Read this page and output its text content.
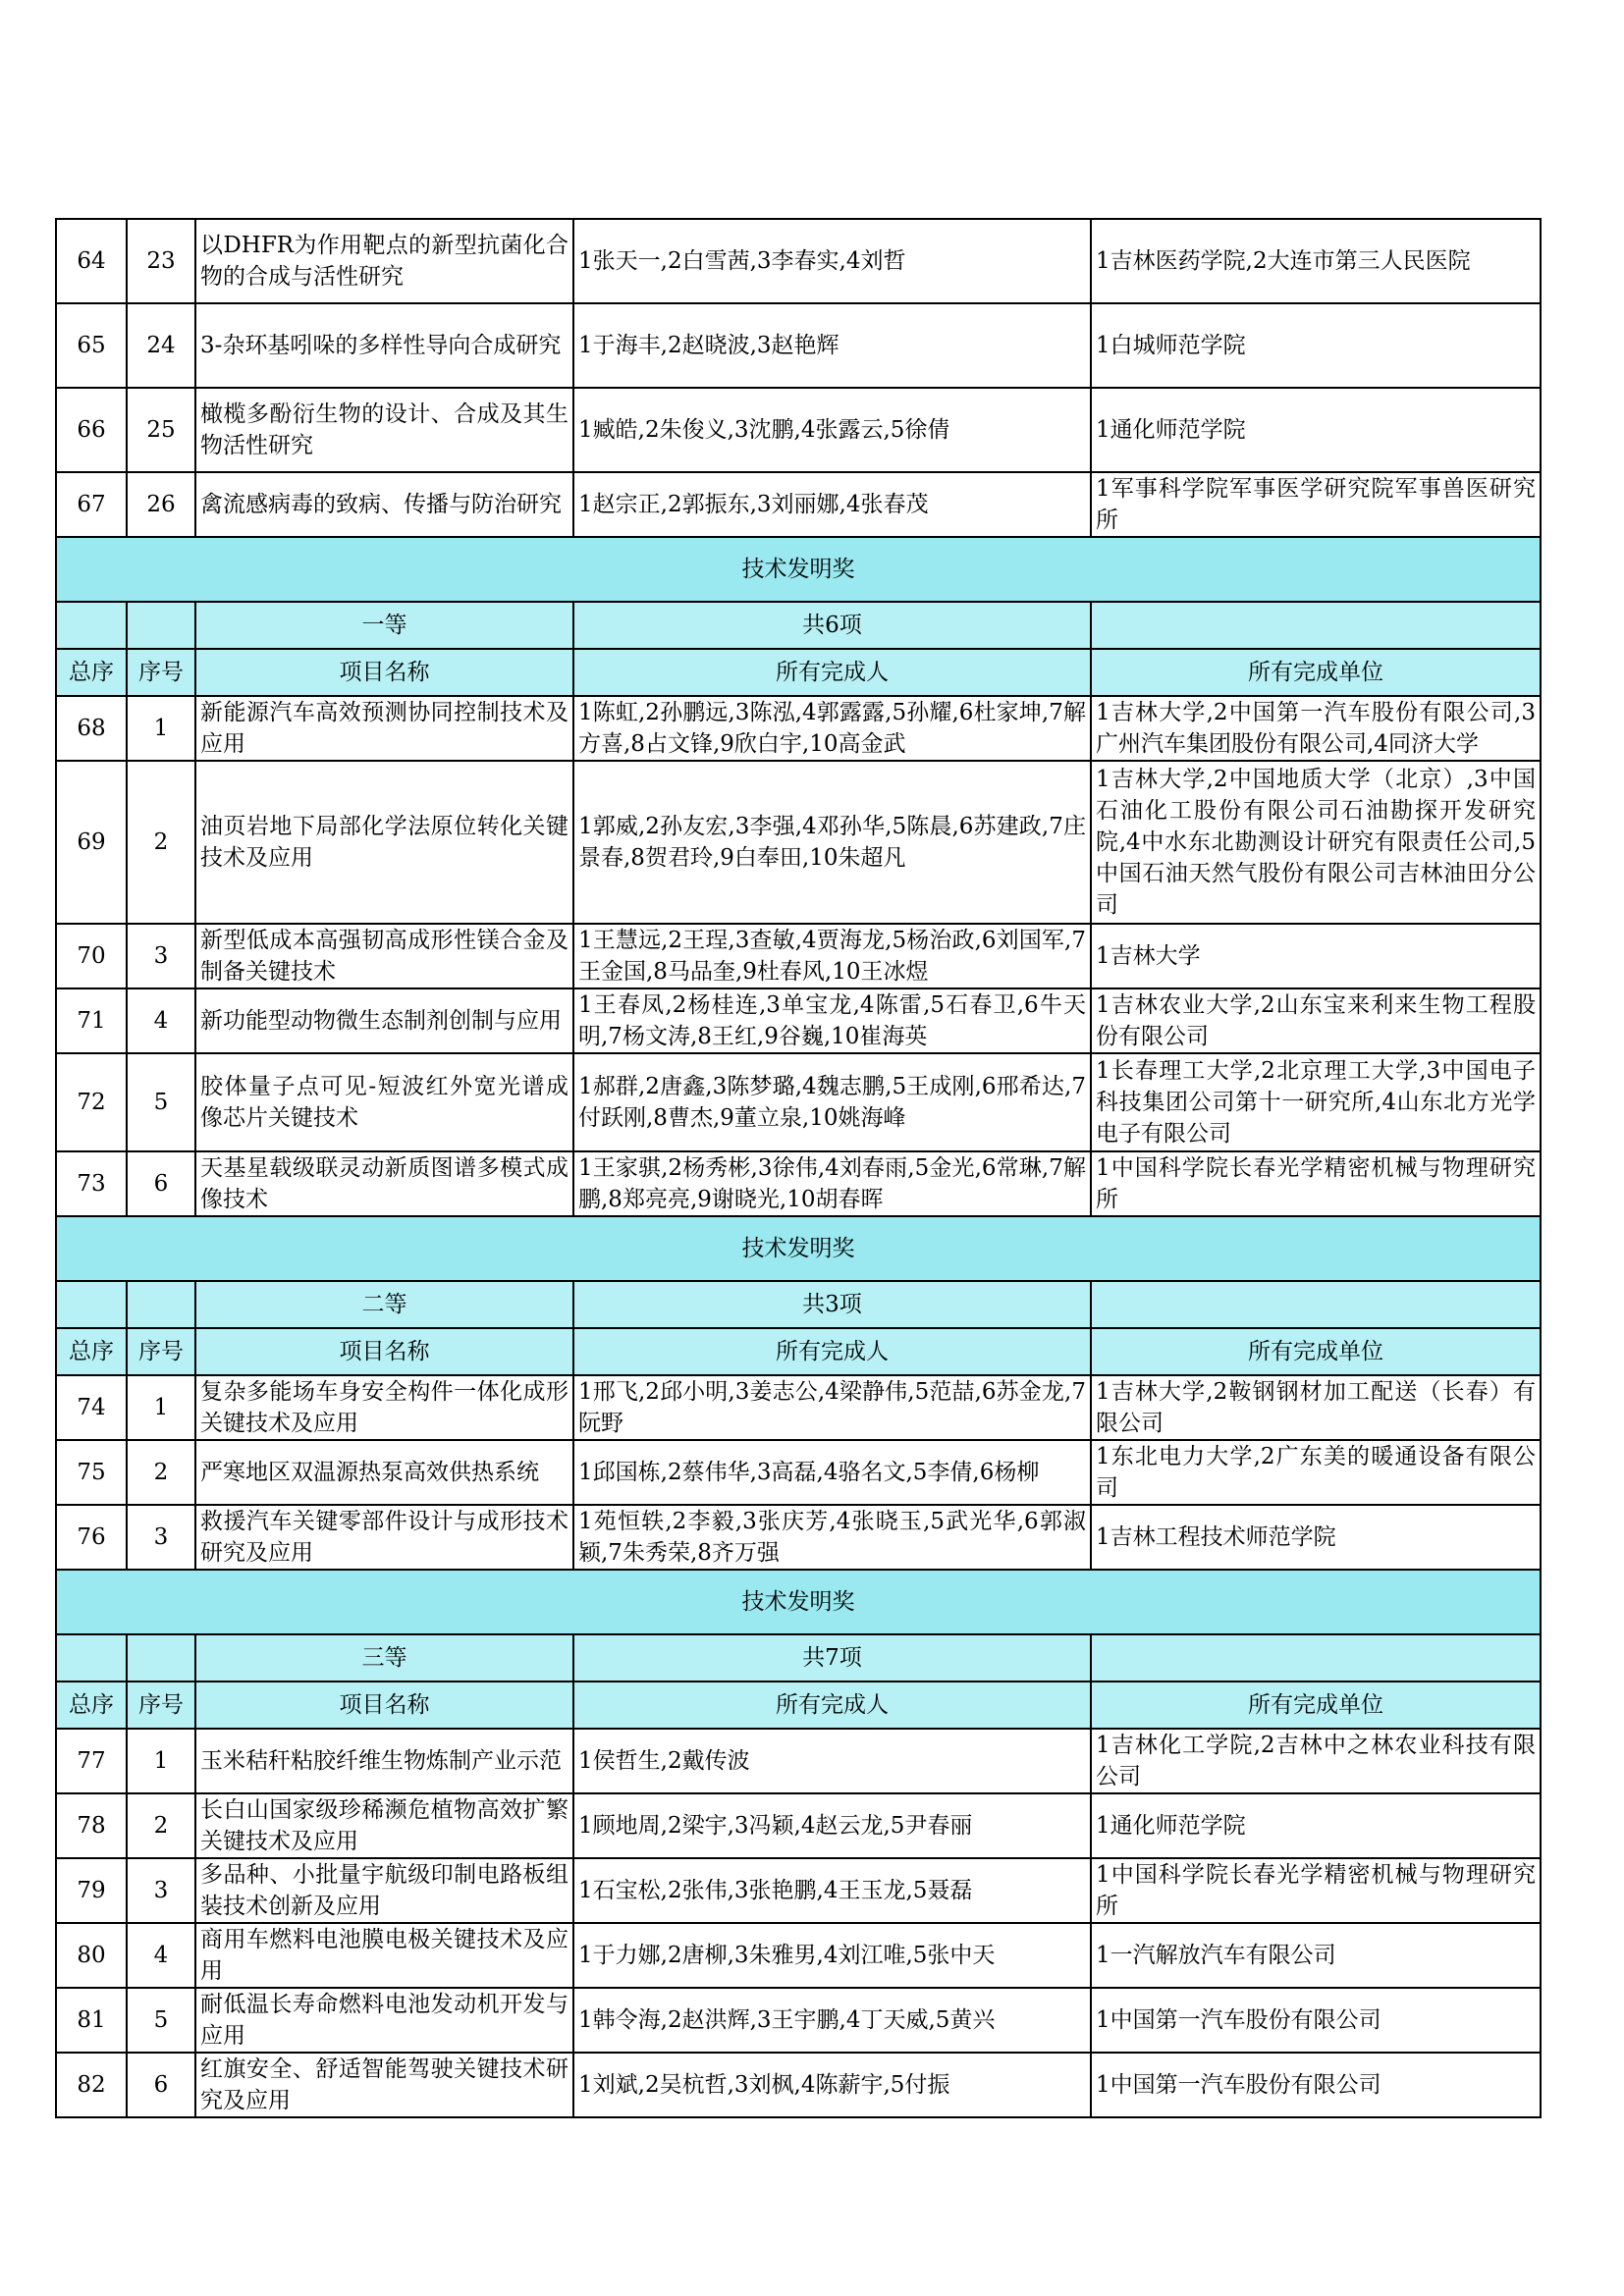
64	23	以DHFR为作用靶点的新型抗菌化合物的合成与活性研究	1张天一,2白雪茜,3李春实,4刘哲	1吉林医药学院,2大连市第三人民医院
65	24	3-杂环基吲哚的多样性导向合成研究	1于海丰,2赵晓波,3赵艳辉	1白城师范学院
66	25	橄榄多酚衍生物的设计、合成及其生物活性研究	1臧皓,2朱俊义,3沈鹏,4张露云,5徐倩	1通化师范学院
67	26	禽流感病毒的致病、传播与防治研究	1赵宗正,2郭振东,3刘丽娜,4张春茂	1军事科学院军事医学研究院军事兽医研究所
技术发明奖				
		一等	共6项	
总序	序号	项目名称	所有完成人	所有完成单位
68	1	新能源汽车高效预测协同控制技术及应用	1陈虹,2孙鹏远,3陈泓,4郭露露,5孙耀,6杜家坤,7解方喜,8占文锋,9欣白宇,10高金武	1吉林大学,2中国第一汽车股份有限公司,3广州汽车集团股份有限公司,4同济大学
69	2	油页岩地下局部化学法原位转化关键技术及应用	1郭威,2孙友宏,3李强,4邓孙华,5陈晨,6苏建政,7庄景春,8贺君玲,9白奉田,10朱超凡	1吉林大学,2中国地质大学（北京）,3中国石油化工股份有限公司石油勘探开发研究院,4中水东北勘测设计研究有限责任公司,5中国石油天然气股份有限公司吉林油田分公司
70	3	新型低成本高强韧高成形性镁合金及制备关键技术	1王慧远,2王珵,3查敏,4贾海龙,5杨治政,6刘国军,7王金国,8马品奎,9杜春风,10王冰煜	1吉林大学
71	4	新功能型动物微生态制剂创制与应用	1王春凤,2杨桂连,3单宝龙,4陈雷,5石春卫,6牛天明,7杨文涛,8王红,9谷巍,10崔海英	1吉林农业大学,2山东宝来利来生物工程股份有限公司
72	5	胶体量子点可见-短波红外宽光谱成像芯片关键技术	1郝群,2唐鑫,3陈梦璐,4魏志鹏,5王成刚,6邢希达,7付跃刚,8曹杰,9董立泉,10姚海峰	1长春理工大学,2北京理工大学,3中国电子科技集团公司第十一研究所,4山东北方光学电子有限公司
73	6	天基星载级联灵动新质图谱多模式成像技术	1王家骐,2杨秀彬,3徐伟,4刘春雨,5金光,6常琳,7解鹏,8郑亮亮,9谢晓光,10胡春晖	1中国科学院长春光学精密机械与物理研究所
技术发明奖				
		二等	共3项	
总序	序号	项目名称	所有完成人	所有完成单位
74	1	复杂多能场车身安全构件一体化成形关键技术及应用	1邢飞,2邱小明,3姜志公,4梁静伟,5范喆,6苏金龙,7阮野	1吉林大学,2鞍钢钢材加工配送（长春）有限公司
75	2	严寒地区双温源热泵高效供热系统	1邱国栋,2蔡伟华,3高磊,4骆名文,5李倩,6杨柳	1东北电力大学,2广东美的暖通设备有限公司
76	3	救援汽车关键零部件设计与成形技术研究及应用	1苑恒轶,2李毅,3张庆芳,4张晓玉,5武光华,6郭淑颖,7朱秀荣,8齐万强	1吉林工程技术师范学院
技术发明奖				
		三等	共7项	
总序	序号	项目名称	所有完成人	所有完成单位
77	1	玉米秸秆粘胶纤维生物炼制产业示范	1侯哲生,2戴传波	1吉林化工学院,2吉林中之林农业科技有限公司
78	2	长白山国家级珍稀濒危植物高效扩繁关键技术及应用	1顾地周,2梁宇,3冯颖,4赵云龙,5尹春丽	1通化师范学院
79	3	多品种、小批量宇航级印制电路板组装技术创新及应用	1石宝松,2张伟,3张艳鹏,4王玉龙,5聂磊	1中国科学院长春光学精密机械与物理研究所
80	4	商用车燃料电池膜电极关键技术及应用	1于力娜,2唐柳,3朱雅男,4刘江唯,5张中天	1一汽解放汽车有限公司
81	5	耐低温长寿命燃料电池发动机开发与应用	1韩令海,2赵洪辉,3王宇鹏,4丁天威,5黄兴	1中国第一汽车股份有限公司
82	6	红旗安全、舒适智能驾驶关键技术研究及应用	1刘斌,2吴杭哲,3刘枫,4陈薪宇,5付振	1中国第一汽车股份有限公司
